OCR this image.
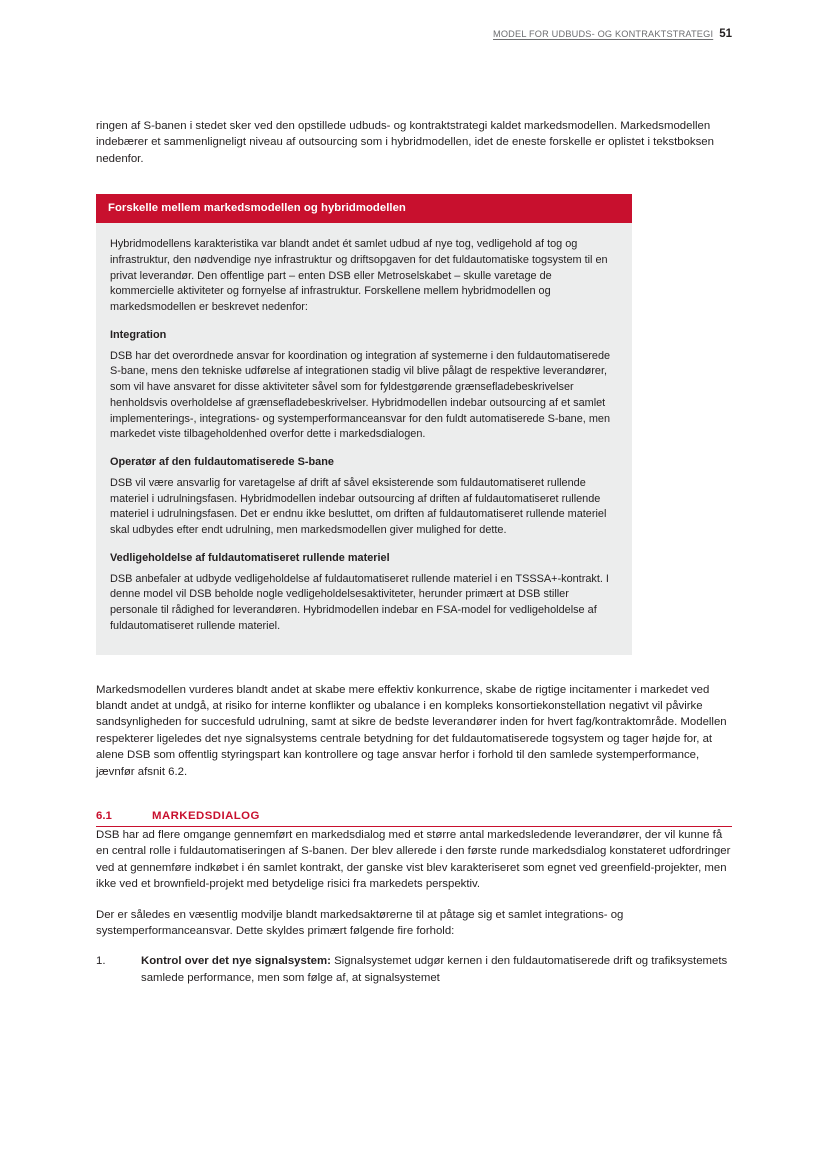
MODEL FOR UDBUDS- OG KONTRAKTSTRATEGI 51

ringen af S-banen i stedet sker ved den opstillede udbuds- og kontraktstrategi kaldet markedsmodellen. Markedsmodellen indebærer et sammenligneligt niveau af outsourcing som i hybridmodellen, idet de eneste forskelle er oplistet i tekstboksen nedenfor.

Forskelle mellem markedsmodellen og hybridmodellen

Hybridmodellens karakteristika var blandt andet ét samlet udbud af nye tog, vedligehold af tog og infrastruktur, den nødvendige nye infrastruktur og driftsopgaven for det fuldautomatiske togsystem til en privat leverandør. Den offentlige part – enten DSB eller Metroselskabet – skulle varetage de kommercielle aktiviteter og fornyelse af infrastruktur. Forskellene mellem hybridmodellen og markedsmodellen er beskrevet nedenfor:

Integration

DSB har det overordnede ansvar for koordination og integration af systemerne i den fuldautomatiserede S-bane, mens den tekniske udførelse af integrationen stadig vil blive pålagt de respektive leverandører, som vil have ansvaret for disse aktiviteter såvel som for fyldestgørende grænsefladebeskrivelser henholdsvis overholdelse af grænsefladebeskrivelser. Hybridmodellen indebar outsourcing af et samlet implementerings-, integrations- og systemperformanceansvar for den fuldt automatiserede S-bane, men markedet viste tilbageholdenhed overfor dette i markedsdialogen.

Operatør af den fuldautomatiserede S-bane

DSB vil være ansvarlig for varetagelse af drift af såvel eksisterende som fuldautomatiseret rullende materiel i udrulningsfasen. Hybridmodellen indebar outsourcing af driften af fuldautomatiseret rullende materiel i udrulningsfasen. Det er endnu ikke besluttet, om driften af fuldautomatiseret rullende materiel skal udbydes efter endt udrulning, men markedsmodellen giver mulighed for dette.

Vedligeholdelse af fuldautomatiseret rullende materiel

DSB anbefaler at udbyde vedligeholdelse af fuldautomatiseret rullende materiel i en TSSSA+-kontrakt. I denne model vil DSB beholde nogle vedligeholdelsesaktiviteter, herunder primært at DSB stiller personale til rådighed for leverandøren. Hybridmodellen indebar en FSA-model for vedligeholdelse af fuldautomatiseret rullende materiel.

Markedsmodellen vurderes blandt andet at skabe mere effektiv konkurrence, skabe de rigtige incitamenter i markedet ved blandt andet at undgå, at risiko for interne konflikter og ubalance i en kompleks konsortiekonstellation negativt vil påvirke sandsynligheden for succesfuld udrulning, samt at sikre de bedste leverandører inden for hvert fag/kontraktområde. Modellen respekterer ligeledes det nye signalsystems centrale betydning for det fuldautomatiserede togsystem og tager højde for, at alene DSB som offentlig styringspart kan kontrollere og tage ansvar herfor i forhold til den samlede systemperformance, jævnfør afsnit 6.2.

6.1	MARKEDSDIALOG

DSB har ad flere omgange gennemført en markedsdialog med et større antal markedsledende leverandører, der vil kunne få en central rolle i fuldautomatiseringen af S-banen. Der blev allerede i den første runde markedsdialog konstateret udfordringer ved at gennemføre indkøbet i én samlet kontrakt, der ganske vist blev karakteriseret som egnet ved greenfield-projekter, men ikke ved et brownfield-projekt med betydelige risici fra markedets perspektiv.

Der er således en væsentlig modvilje blandt markedsaktørerne til at påtage sig et samlet integrations- og systemperformanceansvar. Dette skyldes primært følgende fire forhold:

1.	Kontrol over det nye signalsystem: Signalsystemet udgør kernen i den fuldautomatiserede drift og trafiksystemets samlede performance, men som følge af, at signalsystemet
